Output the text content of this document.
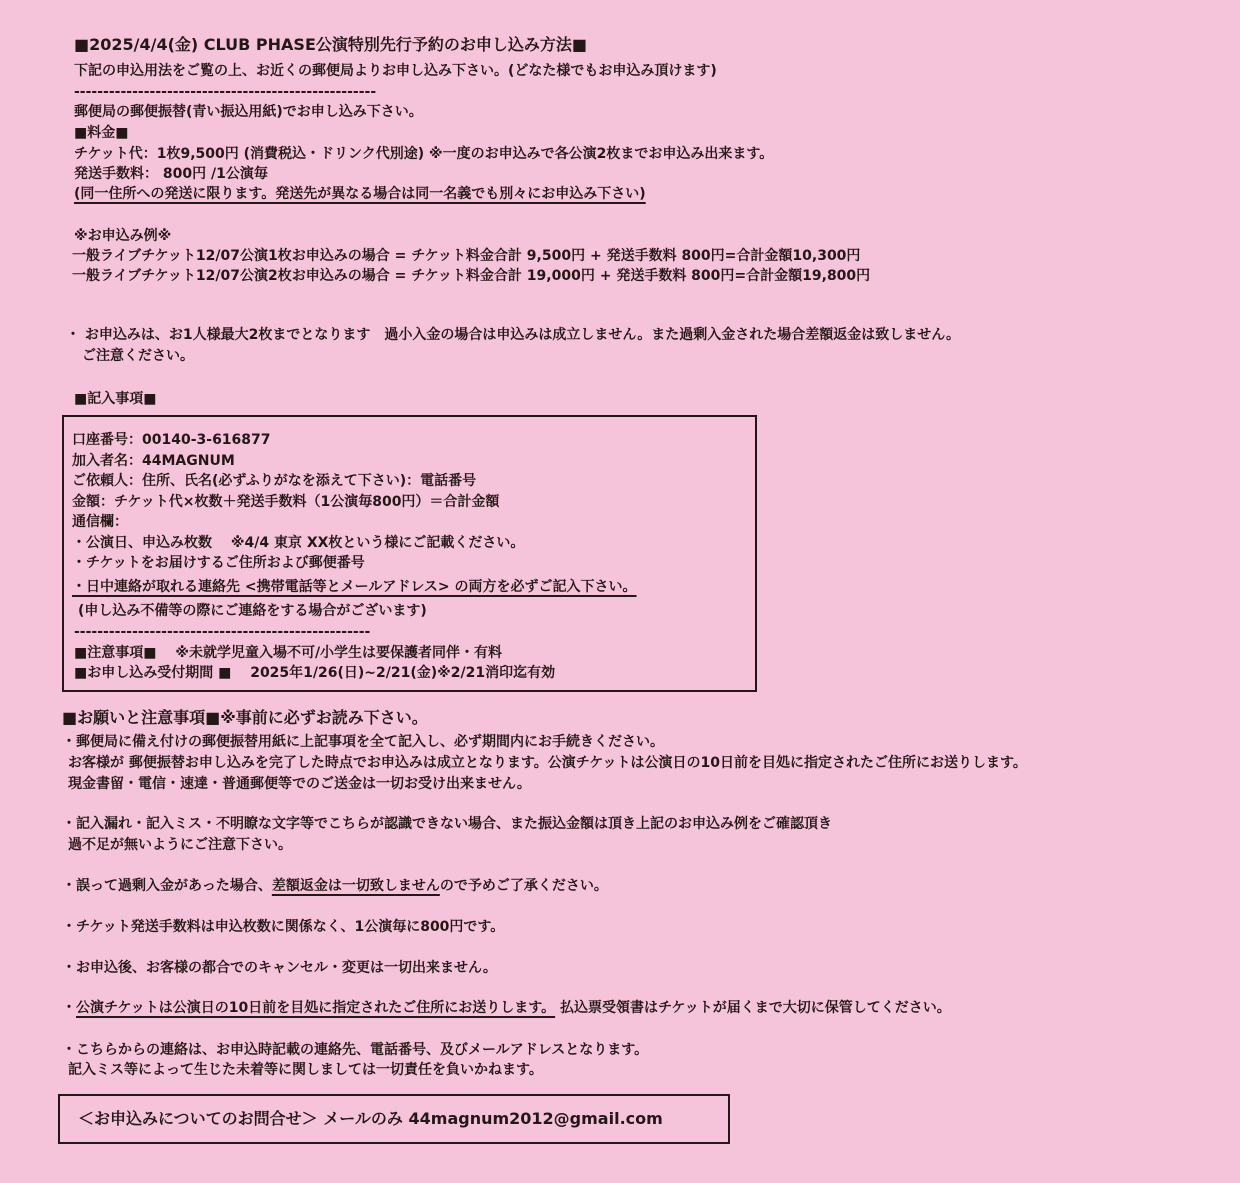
■2025/4/4(金) CLUB PHASE公演特別先行予約のお申し込み方法■
下記の申込用法をご覧の上、お近くの郵便局よりお申し込み下さい。(どなた様でもお申込み頂けます)
----------------------------------------------------
郵便局の郵便振替(青い振込用紙)でお申し込み下さい。
■料金■
チケット代：1枚9,500円 (消費税込・ドリンク代別途) ※一度のお申込みで各公演2枚までお申込み出来ます。
発送手数料： 800円 /1公演毎
(同一住所への発送に限ります。発送先が異なる場合は同一名義でも別々にお申込み下さい)
※お申込み例※
一般ライブチケット12/07公演1枚お申込みの場合 = チケット料金合計 9,500円 + 発送手数料 800円=合計金額10,300円
一般ライブチケット12/07公演2枚お申込みの場合 = チケット料金合計 19,000円 + 発送手数料 800円=合計金額19,800円
・ お申込みは、お1人様最大2枚までとなります　過小入金の場合は申込みは成立しません。また過剰入金された場合差額返金は致しません。
ご注意ください。
■記入事項■
口座番号：00140-3-616877
加入者名：44MAGNUM
ご依頼人：住所、氏名(必ずふりがなを添えて下さい)：電話番号
金額：チケット代×枚数＋発送手数料（1公演毎800円）＝合計金額
通信欄：
・公演日、申込み枚数　 ※4/4 東京 XX枚という様にご記載ください。
・チケットをお届けするご住所および郵便番号
・日中連絡が取れる連絡先 <携帯電話等とメールアドレス> の両方を必ずご記入下さい。
(申し込み不備等の際にご連絡をする場合がございます)
---------------------------------------------------
■注意事項■　 ※未就学児童入場不可/小学生は要保護者同伴・有料
■お申し込み受付期間 ■　 2025年1/26(日)~2/21(金)※2/21消印迄有効
■お願いと注意事項■※事前に必ずお読み下さい。
・郵便局に備え付けの郵便振替用紙に上記事項を全て記入し、必ず期間内にお手続きください。
お客様が 郵便振替お申し込みを完了した時点でお申込みは成立となります。公演チケットは公演日の10日前を目処に指定されたご住所にお送りします。
現金書留・電信・速達・普通郵便等でのご送金は一切お受け出来ません。
・記入漏れ・記入ミス・不明瞭な文字等でこちらが認識できない場合、また振込金額は頂き上記のお申込み例をご確認頂き
過不足が無いようにご注意下さい。
・誤って過剰入金があった場合、差額返金は一切致しませんので予めご了承ください。
・チケット発送手数料は申込枚数に関係なく、1公演毎に800円です。
・お申込後、お客様の都合でのキャンセル・変更は一切出来ません。
・公演チケットは公演日の10日前を目処に指定されたご住所にお送りします。 払込票受領書はチケットが届くまで大切に保管してください。
・こちらからの連絡は、お申込時記載の連絡先、電話番号、及びメールアドレスとなります。
記入ミス等によって生じた未着等に関しましては一切責任を負いかねます。
＜お申込みについてのお問合せ＞ メールのみ 44magnum2012@gmail.com
